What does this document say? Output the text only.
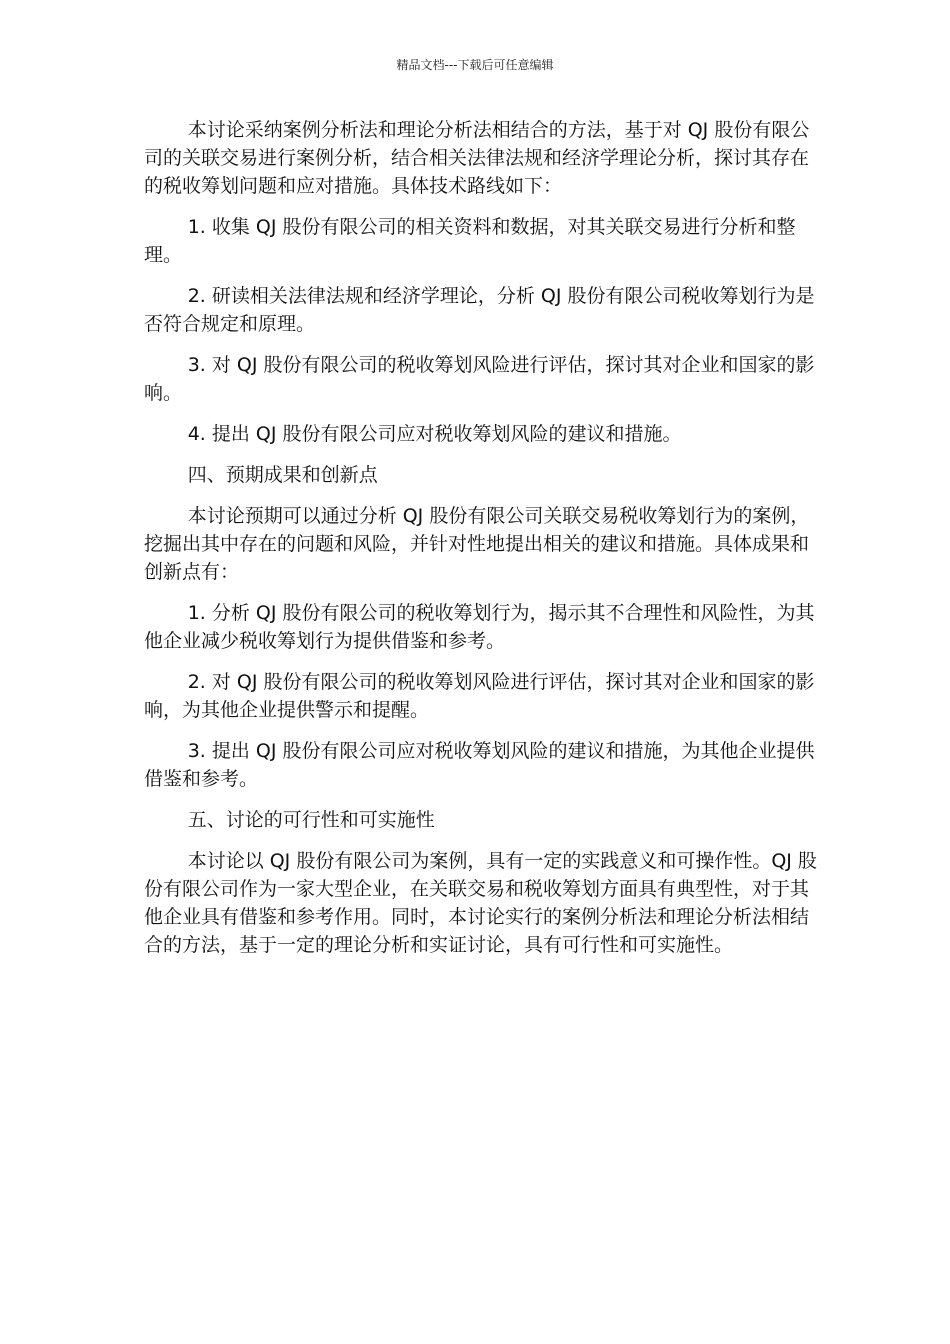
精品文档---下载后可任意编辑

本讨论采纳案例分析法和理论分析法相结合的方法，基于对 QJ 股份有限公司的关联交易进行案例分析，结合相关法律法规和经济学理论分析，探讨其存在的税收筹划问题和应对措施。具体技术路线如下：

1. 收集 QJ 股份有限公司的相关资料和数据，对其关联交易进行分析和整理。

2. 研读相关法律法规和经济学理论，分析 QJ 股份有限公司税收筹划行为是否符合规定和原理。

3. 对 QJ 股份有限公司的税收筹划风险进行评估，探讨其对企业和国家的影响。

4. 提出 QJ 股份有限公司应对税收筹划风险的建议和措施。

四、预期成果和创新点

本讨论预期可以通过分析 QJ 股份有限公司关联交易税收筹划行为的案例，挖掘出其中存在的问题和风险，并针对性地提出相关的建议和措施。具体成果和创新点有：

1. 分析 QJ 股份有限公司的税收筹划行为，揭示其不合理性和风险性，为其他企业减少税收筹划行为提供借鉴和参考。

2. 对 QJ 股份有限公司的税收筹划风险进行评估，探讨其对企业和国家的影响，为其他企业提供警示和提醒。

3. 提出 QJ 股份有限公司应对税收筹划风险的建议和措施，为其他企业提供借鉴和参考。

五、讨论的可行性和可实施性

本讨论以 QJ 股份有限公司为案例，具有一定的实践意义和可操作性。QJ 股份有限公司作为一家大型企业，在关联交易和税收筹划方面具有典型性，对于其他企业具有借鉴和参考作用。同时，本讨论实行的案例分析法和理论分析法相结合的方法，基于一定的理论分析和实证讨论，具有可行性和可实施性。
